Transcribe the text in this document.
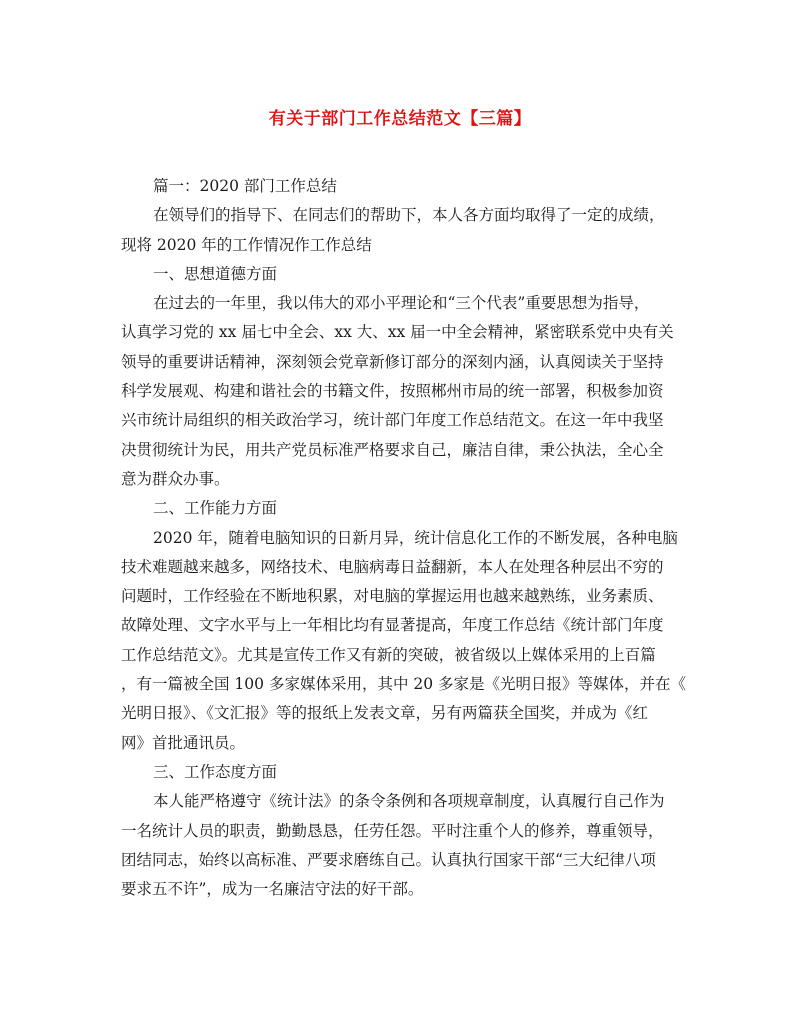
有关于部门工作总结范文【三篇】
篇一：2020 部门工作总结
在领导们的指导下、在同志们的帮助下，本人各方面均取得了一定的成绩，
现将 2020 年的工作情况作工作总结
一、思想道德方面
在过去的一年里，我以伟大的邓小平理论和“三个代表”重要思想为指导，
认真学习党的 xx 届七中全会、xx 大、xx 届一中全会精神，紧密联系党中央有关
领导的重要讲话精神，深刻领会党章新修订部分的深刻内涵，认真阅读关于坚持
科学发展观、构建和谐社会的书籍文件，按照郴州市局的统一部署，积极参加资
兴市统计局组织的相关政治学习，统计部门年度工作总结范文。在这一年中我坚
决贯彻统计为民，用共产党员标准严格要求自己，廉洁自律，秉公执法，全心全
意为群众办事。
二、工作能力方面
2020 年，随着电脑知识的日新月异，统计信息化工作的不断发展，各种电脑
技术难题越来越多，网络技术、电脑病毒日益翻新，本人在处理各种层出不穷的
问题时，工作经验在不断地积累，对电脑的掌握运用也越来越熟练，业务素质、
故障处理、文字水平与上一年相比均有显著提高，年度工作总结《统计部门年度
工作总结范文》。尤其是宣传工作又有新的突破，被省级以上媒体采用的上百篇
，有一篇被全国 100 多家媒体采用，其中 20 多家是《光明日报》等媒体，并在《
光明日报》、《文汇报》等的报纸上发表文章，另有两篇获全国奖，并成为《红
网》首批通讯员。
三、工作态度方面
本人能严格遵守《统计法》的条令条例和各项规章制度，认真履行自己作为
一名统计人员的职责，勤勤恳恳，任劳任怨。平时注重个人的修养，尊重领导，
团结同志，始终以高标准、严要求磨练自己。认真执行国家干部“三大纪律八项
要求五不许”，成为一名廉洁守法的好干部。
